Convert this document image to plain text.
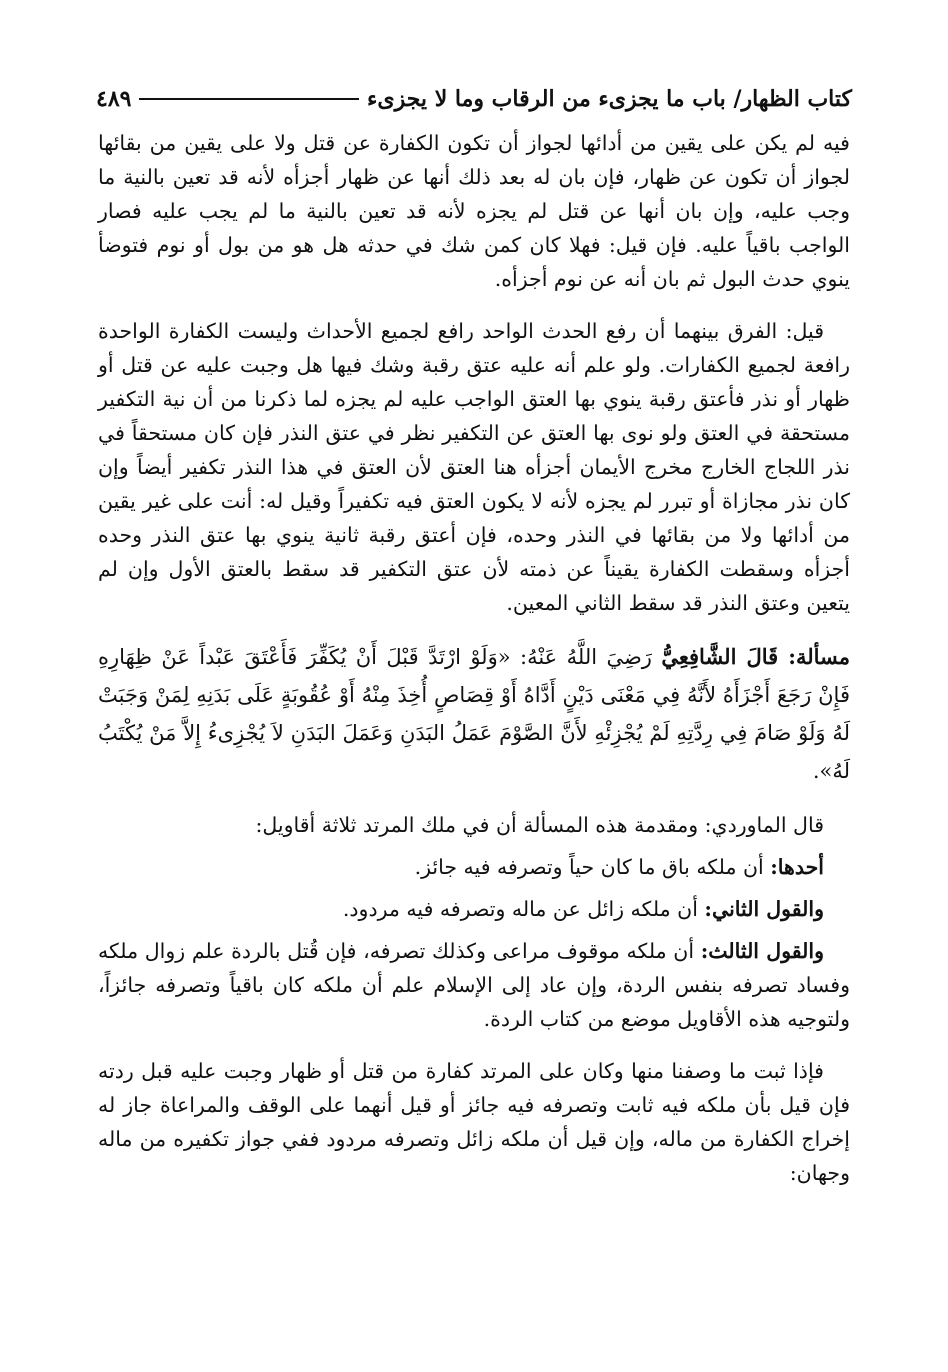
كتاب الظهار/ باب ما يجزىء من الرقاب وما لا يجزىء
٤٨٩

فيه لم يكن على يقين من أدائها لجواز أن تكون الكفارة عن قتل ولا على يقين من بقائها لجواز أن تكون عن ظهار، فإن بان له بعد ذلك أنها عن ظهار أجزأه لأنه قد تعين بالنية ما وجب عليه، وإن بان أنها عن قتل لم يجزه لأنه قد تعين بالنية ما لم يجب عليه فصار الواجب باقياً عليه. فإن قيل: فهلا كان كمن شك في حدثه هل هو من بول أو نوم فتوضأ ينوي حدث البول ثم بان أنه عن نوم أجزأه.

قيل: الفرق بينهما أن رفع الحدث الواحد رافع لجميع الأحداث وليست الكفارة الواحدة رافعة لجميع الكفارات. ولو علم أنه عليه عتق رقبة وشك فيها هل وجبت عليه عن قتل أو ظهار أو نذر فأعتق رقبة ينوي بها العتق الواجب عليه لم يجزه لما ذكرنا من أن نية التكفير مستحقة في العتق ولو نوى بها العتق عن التكفير نظر في عتق النذر فإن كان مستحقاً في نذر اللجاج الخارج مخرج الأيمان أجزأه هنا العتق لأن العتق في هذا النذر تكفير أيضاً وإن كان نذر مجازاة أو تبرر لم يجزه لأنه لا يكون العتق فيه تكفيراً وقيل له: أنت على غير يقين من أدائها ولا من بقائها في النذر وحده، فإن أعتق رقبة ثانية ينوي بها عتق النذر وحده أجزأه وسقطت الكفارة يقيناً عن ذمته لأن عتق التكفير قد سقط بالعتق الأول وإن لم يتعين وعتق النذر قد سقط الثاني المعين.

مسألة: قَالَ الشَّافِعِيُّ رَضِيَ اللَّهُ عَنْهُ: «وَلَوْ ارْتَدَّ قَبْلَ أَنْ يُكَفِّرَ فَأَعْتَقَ عَبْداً عَنْ ظِهَارِهِ فَإِنْ رَجَعَ أَجْزَأَهُ لأَنَّهُ فِي مَعْنَى دَيْنٍ أَدَّاهُ أَوْ قِصَاصٍ أُخِذَ مِنْهُ أَوْ عُقُوبَةٍ عَلَى بَدَنِهِ لِمَنْ وَجَبَتْ لَهُ وَلَوْ صَامَ فِي رِدَّتِهِ لَمْ يُجْزِئْهِ لأَنَّ الصَّوْمَ عَمَلُ البَدَنِ وَعَمَلَ البَدَنِ لاَ يُجْزِىءُ إِلاَّ مَنْ يُكْتَبُ لَهُ».

قال الماوردي: ومقدمة هذه المسألة أن في ملك المرتد ثلاثة أقاويل:

أحدها: أن ملكه باق ما كان حياً وتصرفه فيه جائز.

والقول الثاني: أن ملكه زائل عن ماله وتصرفه فيه مردود.

والقول الثالث: أن ملكه موقوف مراعى وكذلك تصرفه، فإن قُتل بالردة علم زوال ملكه وفساد تصرفه بنفس الردة، وإن عاد إلى الإسلام علم أن ملكه كان باقياً وتصرفه جائزاً، ولتوجيه هذه الأقاويل موضع من كتاب الردة.

فإذا ثبت ما وصفنا منها وكان على المرتد كفارة من قتل أو ظهار وجبت عليه قبل ردته فإن قيل بأن ملكه فيه ثابت وتصرفه فيه جائز أو قيل أنهما على الوقف والمراعاة جاز له إخراج الكفارة من ماله، وإن قيل أن ملكه زائل وتصرفه مردود ففي جواز تكفيره من ماله وجهان:
